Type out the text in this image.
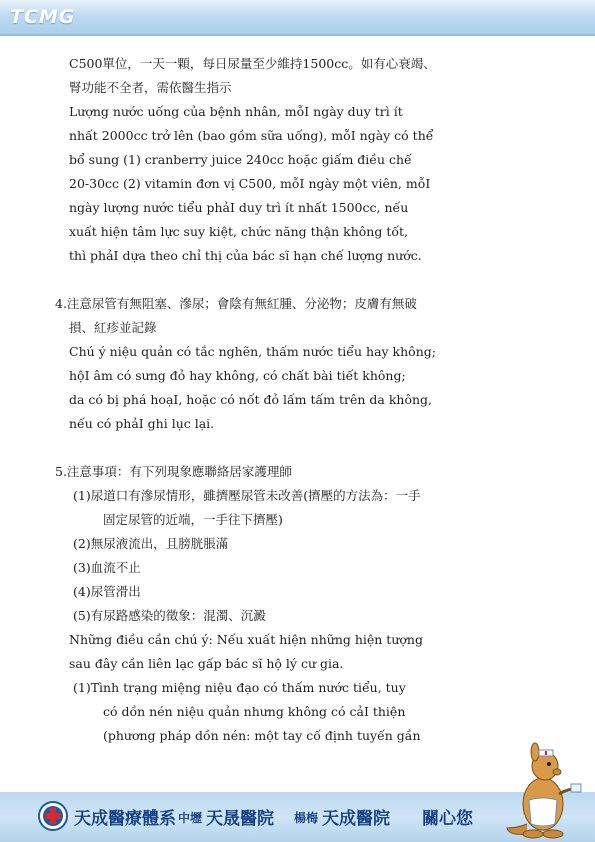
TCMG
C500單位，一天一顆，每日尿量至少維持1500cc。如有心衰竭、
腎功能不全者，需依醫生指示
Lượng nước uống của bệnh nhân, mỗI ngày duy trì ít
nhất 2000cc trở lên (bao gồm sữa uống), mỗI ngày có thể
bổ sung (1) cranberry juice 240cc hoặc giấm điều chế
20-30cc (2) vitamin đơn vị C500, mỗI ngày một viên, mỗI
ngày lượng nước tiểu phảI duy trì ít nhất 1500cc, nếu
xuất hiện tâm lực suy kiệt, chức năng thận không tốt,
thì phảI dựa theo chỉ thị của bác sĩ hạn chế lượng nước.
4.注意尿管有無阻塞、滲尿；會陰有無紅腫、分泌物；皮膚有無破
損、紅疹並記錄
Chú ý niệu quản có tắc nghẽn, thấm nước tiểu hay không;
hộI âm có sưng đỏ hay không, có chất bài tiết không;
da có bị phá hoạI, hoặc có nốt đỏ lấm tấm trên da không,
nếu có phảI ghi lục lại.
5.注意事項：有下列現象應聯絡居家護理師
(1)尿道口有滲尿情形，雖擠壓尿管未改善(擠壓的方法為：一手
固定尿管的近端，一手往下擠壓)
(2)無尿液流出，且膀胱脹滿
(3)血流不止
(4)尿管滑出
(5)有尿路感染的徵象：混濁、沉澱
Những điều cần chú ý: Nếu xuất hiện những hiện tượng
sau đây cần liên lạc gấp bác sĩ hộ lý cư gia.
(1)Tình trạng miệng niệu đạo có thấm nước tiểu, tuy
có dồn nén niệu quản nhưng không có cảI thiện
(phương pháp dồn nén: một tay cố định tuyến gần
天成醫療體系 中壢 天晟醫院 楊梅 天成醫院 關心您
